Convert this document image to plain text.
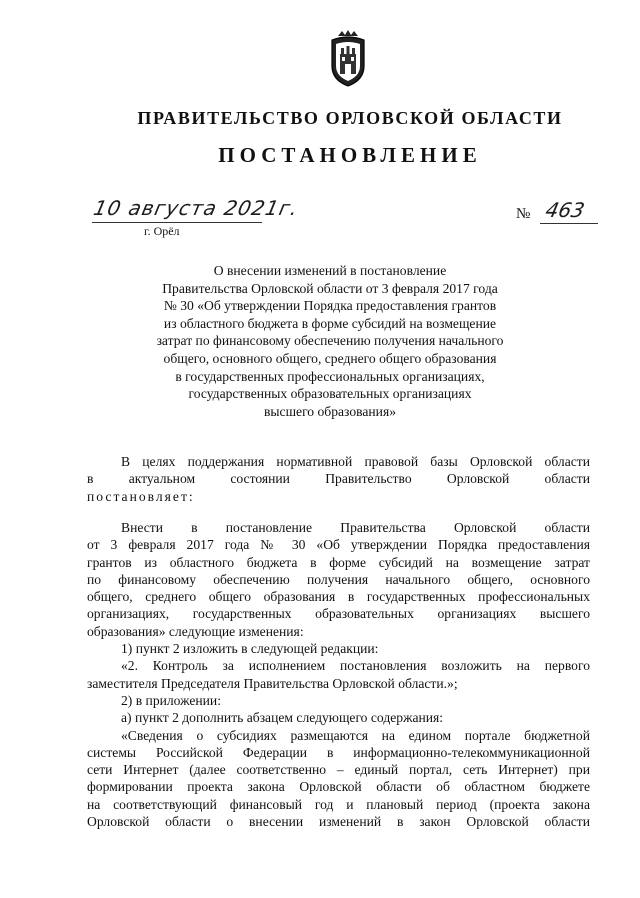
ПРАВИТЕЛЬСТВО ОРЛОВСКОЙ ОБЛАСТИ
ПОСТАНОВЛЕНИЕ
10 августа 2021г.
г. Орёл
№ 463
О внесении изменений в постановление
Правительства Орловской области от 3 февраля 2017 года
№ 30 «Об утверждении Порядка предоставления грантов
из областного бюджета в форме субсидий на возмещение
затрат по финансовому обеспечению получения начального
общего, основного общего, среднего общего образования
в государственных профессиональных организациях,
государственных образовательных организациях
высшего образования»
В целях поддержания нормативной правовой базы Орловской области
в актуальном состоянии Правительство Орловской области
постановляет:
Внести в постановление Правительства Орловской области
от 3 февраля 2017 года № 30 «Об утверждении Порядка предоставления
грантов из областного бюджета в форме субсидий на возмещение затрат
по финансовому обеспечению получения начального общего, основного
общего, среднего общего образования в государственных профессиональных
организациях, государственных образовательных организациях высшего
образования» следующие изменения:
1) пункт 2 изложить в следующей редакции:
«2. Контроль за исполнением постановления возложить на первого
заместителя Председателя Правительства Орловской области.»;
2) в приложении:
а) пункт 2 дополнить абзацем следующего содержания:
«Сведения о субсидиях размещаются на едином портале бюджетной
системы Российской Федерации в информационно-телекоммуникационной
сети Интернет (далее соответственно – единый портал, сеть Интернет) при
формировании проекта закона Орловской области об областном бюджете
на соответствующий финансовый год и плановый период (проекта закона
Орловской области о внесении изменений в закон Орловской области
